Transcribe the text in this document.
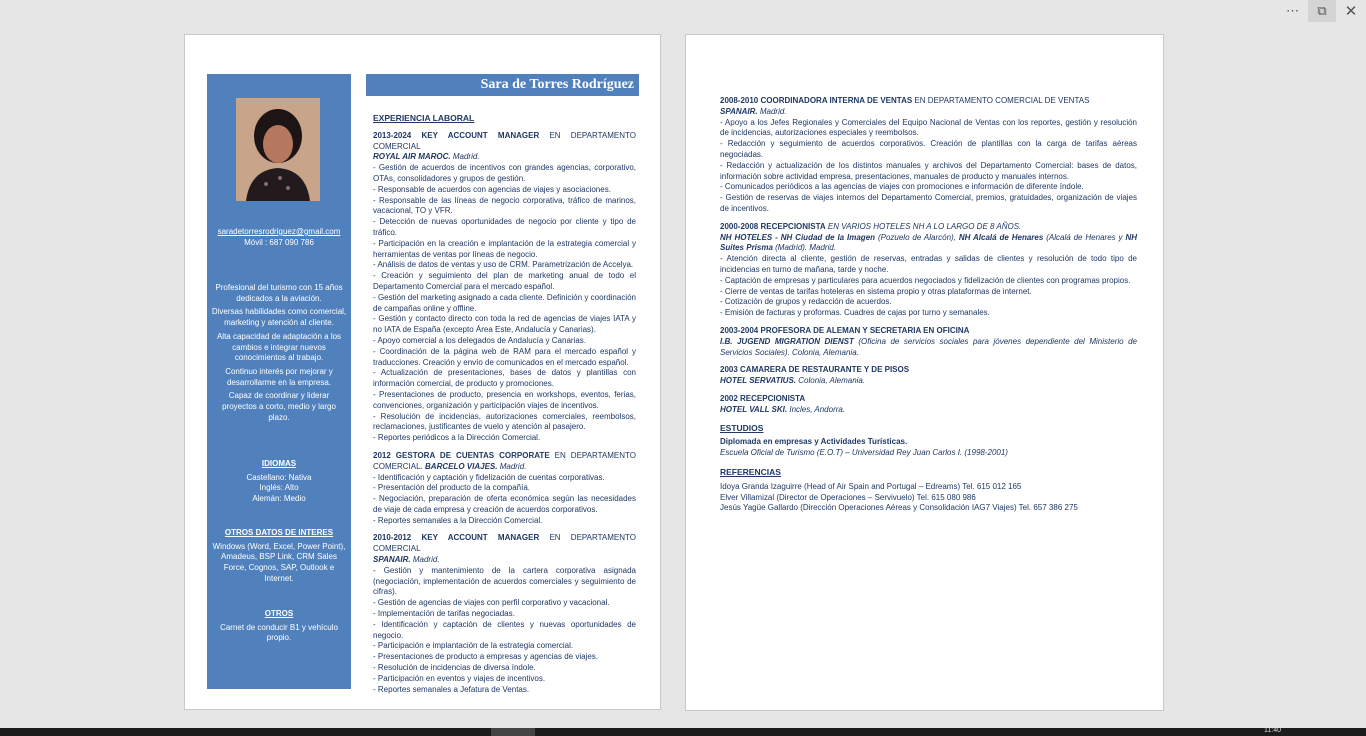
⋯	⧉	✕
saradetorresrodriguez@gmail.com
Móvil : 687 090 786

Profesional del turismo con 15 años dedicados a la aviación.

Diversas habilidades como comercial, marketing y atención al cliente.

Alta capacidad de adaptación a los cambios e integrar nuevos conocimientos al trabajo.

Continuo interés por mejorar y desarrollarme en la empresa.

Capaz de coordinar y liderar proyectos a corto, medio y largo plazo.

IDIOMAS
Castellano: Nativa
Inglés: Alto
Alemán: Medio
OTROS DATOS DE INTERES
Windows (Word, Excel, Power Point), Amadeus, BSP Link, CRM Sales Force, Cognos, SAP, Outlook e Internet.
OTROS
Carnet de conducir B1 y vehículo propio.
Sara de Torres Rodríguez
EXPERIENCIA LABORAL

2013-2024 KEY ACCOUNT MANAGER EN DEPARTAMENTO COMERCIAL

ROYAL AIR MAROC. Madrid.

- Gestión de acuerdos de incentivos con grandes agencias, corporativo, OTAs, consolidadores y grupos de gestión.

- Responsable de acuerdos con agencias de viajes y asociaciones.

- Responsable de las líneas de negocio corporativa, tráfico de marinos, vacacional, TO y VFR.

- Detección de nuevas oportunidades de negocio por cliente y tipo de tráfico.

- Participación en la creación e implantación de la estrategia comercial y herramientas de ventas por líneas de negocio.

- Análisis de datos de ventas y uso de CRM. Parametrización de Accelya.

- Creación y seguimiento del plan de marketing anual de todo el Departamento Comercial para el mercado español.

- Gestión del marketing asignado a cada cliente. Definición y coordinación de campañas online y offline.

- Gestión y contacto directo con toda la red de agencias de viajes IATA y no IATA de España (excepto Área Este, Andalucía y Canarias).

- Apoyo comercial a los delegados de Andalucía y Canarias.

- Coordinación de la página web de RAM para el mercado español y traducciones. Creación y envío de comunicados en el mercado español.

- Actualización de presentaciones, bases de datos y plantillas con información comercial, de producto y promociones.

- Presentaciones de producto, presencia en workshops, eventos, ferias, convenciones, organización y participación viajes de incentivos.

- Resolución de incidencias, autorizaciones comerciales, reembolsos, reclamaciones, justificantes de vuelo y atención al pasajero.

- Reportes periódicos a la Dirección Comercial.

2012 GESTORA DE CUENTAS CORPORATE EN DEPARTAMENTO COMERCIAL. BARCELO VIAJES. Madrid.

- Identificación y captación y fidelización de cuentas corporativas.

- Presentación del producto de la compañía.

- Negociación, preparación de oferta económica según las necesidades de viaje de cada empresa y creación de acuerdos corporativos.

- Reportes semanales a la Dirección Comercial.

2010-2012 KEY ACCOUNT MANAGER EN DEPARTAMENTO COMERCIAL

SPANAIR. Madrid.

- Gestión y mantenimiento de la cartera corporativa asignada (negociación, implementación de acuerdos comerciales y seguimiento de cifras).

- Gestión de agencias de viajes con perfil corporativo y vacacional.

- Implementación de tarifas negociadas.

- Identificación y captación de clientes y nuevas oportunidades de negocio.

- Participación e implantación de la estrategia comercial.

- Presentaciones de producto a empresas y agencias de viajes.

- Resolución de incidencias de diversa índole.

- Participación en eventos y viajes de incentivos.

- Reportes semanales a Jefatura de Ventas.

2008-2010 COORDINADORA INTERNA DE VENTAS EN DEPARTAMENTO COMERCIAL DE VENTAS

SPANAIR. Madrid.

- Apoyo a los Jefes Regionales y Comerciales del Equipo Nacional de Ventas con los reportes, gestión y resolución de incidencias, autorizaciones especiales y reembolsos.

- Redacción y seguimiento de acuerdos corporativos. Creación de plantillas con la carga de tarifas aéreas negociadas.

- Redacción y actualización de los distintos manuales y archivos del Departamento Comercial: bases de datos, información sobre actividad empresa, presentaciones, manuales de producto y manuales internos.

- Comunicados periódicos a las agencias de viajes con promociones e información de diferente índole.

- Gestión de reservas de viajes internos del Departamento Comercial, premios, gratuidades, organización de viajes de incentivos.

2000-2008 RECEPCIONISTA EN VARIOS HOTELES NH A LO LARGO DE 8 AÑOS.

NH HOTELES - NH Ciudad de la Imagen (Pozuelo de Alarcón), NH Alcalá de Henares (Alcalá de Henares y NH Suites Prisma (Madrid). Madrid.

- Atención directa al cliente, gestión de reservas, entradas y salidas de clientes y resolución de todo tipo de incidencias en turno de mañana, tarde y noche.

- Captación de empresas y particulares para acuerdos negociados y fidelización de clientes con programas propios.

- Cierre de ventas de tarifas hoteleras en sistema propio y otras plataformas de internet.

- Cotización de grupos y redacción de acuerdos.

- Emisión de facturas y proformas. Cuadres de cajas por turno y semanales.

2003-2004 PROFESORA DE ALEMAN Y SECRETARIA EN OFICINA

I.B. JUGEND MIGRATION DIENST (Oficina de servicios sociales para jóvenes dependiente del Ministerio de Servicios Sociales). Colonia, Alemania.

2003 CAMARERA DE RESTAURANTE Y DE PISOS

HOTEL SERVATIUS. Colonia, Alemania.

2002 RECEPCIONISTA

HOTEL VALL SKI. Incles, Andorra.

ESTUDIOS

Diplomada en empresas y Actividades Turísticas.

Escuela Oficial de Turismo (E.O.T) – Universidad Rey Juan Carlos I. (1998-2001)

REFERENCIAS

Idoya Granda Izaguirre (Head of Air Spain and Portugal – Edreams) Tel. 615 012 165

Elver Villamizal (Director de Operaciones – Servivuelo) Tel. 615 080 986

Jesús Yagüe Gallardo (Dirección Operaciones Aéreas y Consolidación IAG7 Viajes) Tel. 657 386 275

11:40
